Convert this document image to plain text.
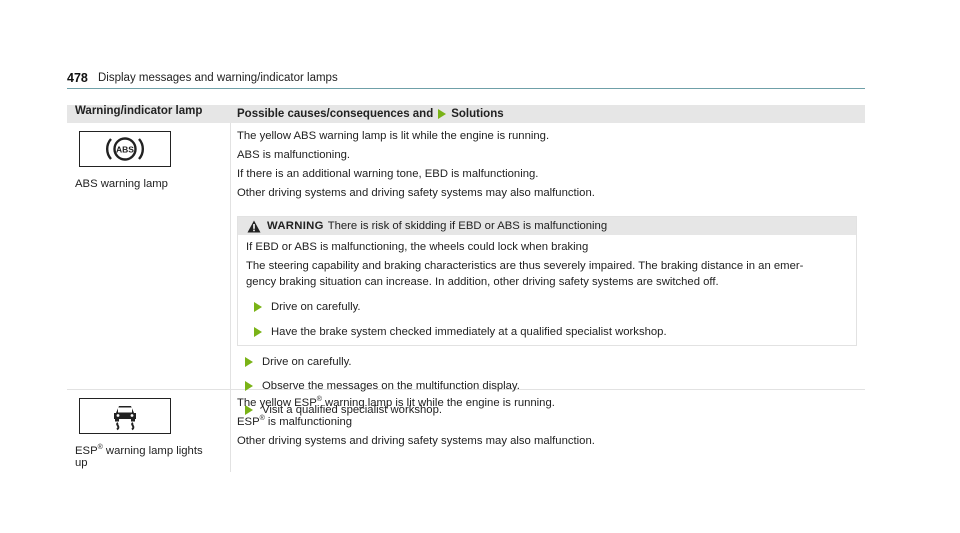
478 Display messages and warning/indicator lamps
Warning/indicator lamp	Possible causes/consequences and Solutions
ABS
ABS warning lamp

The yellow ABS warning lamp is lit while the engine is running.

ABS is malfunctioning.

If there is an additional warning tone, EBD is malfunctioning.

Other driving systems and driving safety systems may also malfunction.

WARNING There is risk of skidding if EBD or ABS is malfunctioning

If EBD or ABS is malfunctioning, the wheels could lock when braking

The steering capability and braking characteristics are thus severely impaired. The braking distance in an emer-

gency braking situation can increase. In addition, other driving safety systems are switched off.

Drive on carefully.
Have the brake system checked immediately at a qualified specialist workshop.
Drive on carefully.
Observe the messages on the multifunction display.
Visit a qualified specialist workshop.
ESP® warning lamp lights
up

The yellow ESP® warning lamp is lit while the engine is running.

ESP® is malfunctioning

Other driving systems and driving safety systems may also malfunction.
